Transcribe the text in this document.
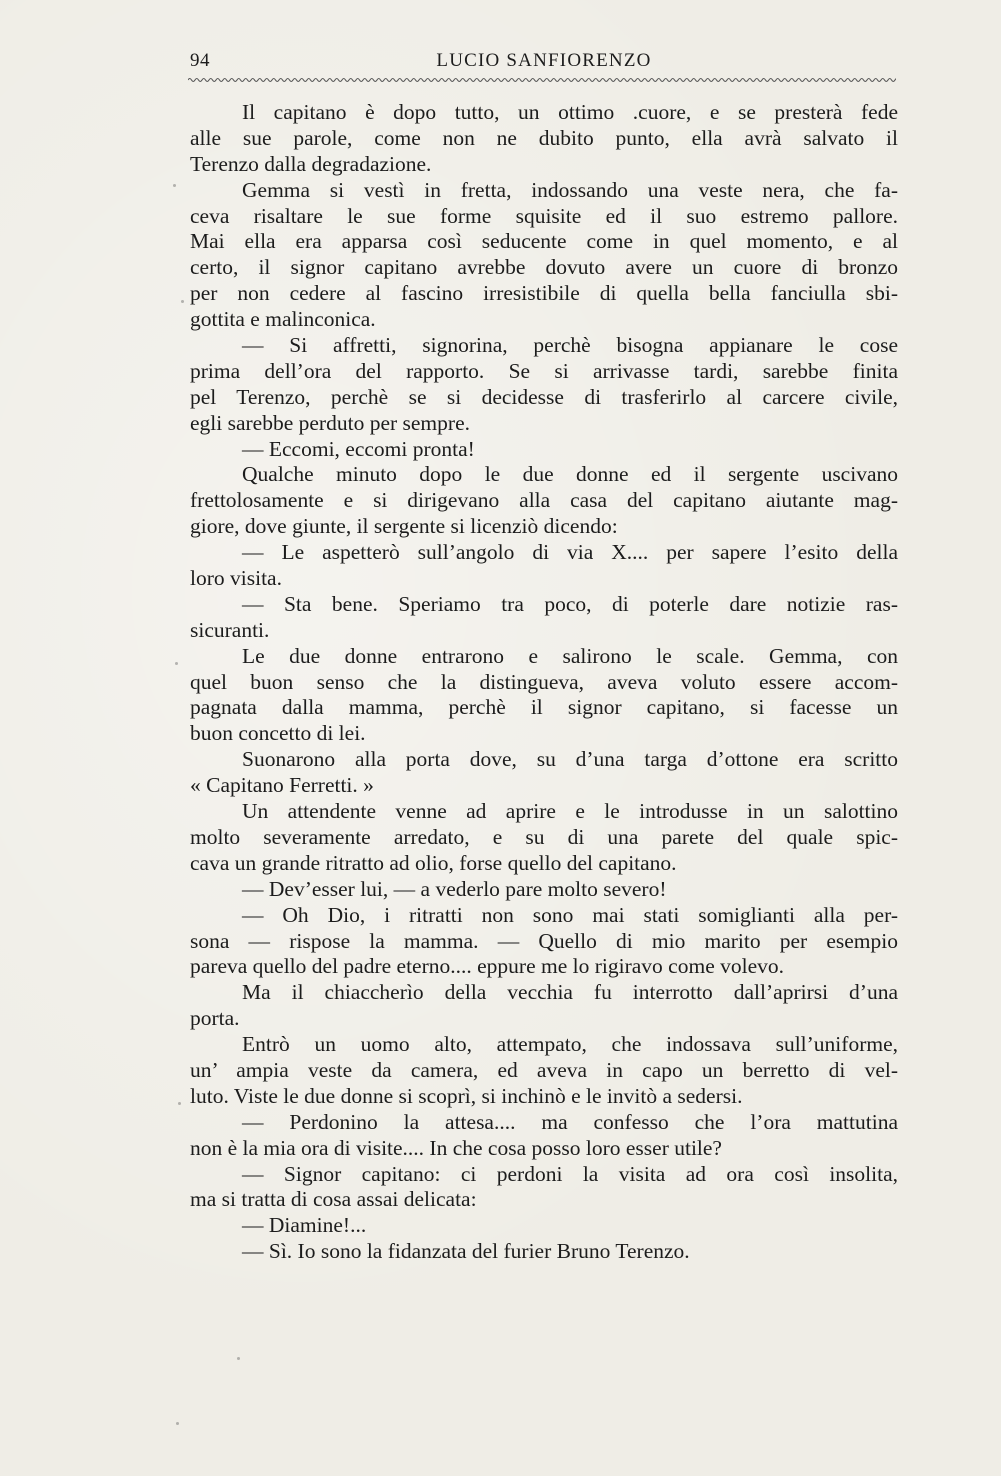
94	LUCIO SANFIORENZO
Il capitano è dopo tutto, un ottimo .cuore, e se presterà fede
alle sue parole, come non ne dubito punto, ella avrà salvato il
Terenzo dalla degradazione.
Gemma si vestì in fretta, indossando una veste nera, che fa-
ceva risaltare le sue forme squisite ed il suo estremo pallore.
Mai ella era apparsa così seducente come in quel momento, e al
certo, il signor capitano avrebbe dovuto avere un cuore di bronzo
per non cedere al fascino irresistibile di quella bella fanciulla sbi-
gottita e malinconica.
— Si affretti, signorina, perchè bisogna appianare le cose
prima dell’ora del rapporto. Se si arrivasse tardi, sarebbe finita
pel Terenzo, perchè se si decidesse di trasferirlo al carcere civile,
egli sarebbe perduto per sempre.
— Eccomi, eccomi pronta!
Qualche minuto dopo le due donne ed il sergente uscivano
frettolosamente e si dirigevano alla casa del capitano aiutante mag-
giore, dove giunte, il sergente si licenziò dicendo:
— Le aspetterò sull’angolo di via X.... per sapere l’esito della
loro visita.
— Sta bene. Speriamo tra poco, di poterle dare notizie ras-
sicuranti.
Le due donne entrarono e salirono le scale. Gemma, con
quel buon senso che la distingueva, aveva voluto essere accom-
pagnata dalla mamma, perchè il signor capitano, si facesse un
buon concetto di lei.
Suonarono alla porta dove, su d’una targa d’ottone era scritto
« Capitano Ferretti. »
Un attendente venne ad aprire e le introdusse in un salottino
molto severamente arredato, e su di una parete del quale spic-
cava un grande ritratto ad olio, forse quello del capitano.
— Dev’esser lui, — a vederlo pare molto severo!
— Oh Dio, i ritratti non sono mai stati somiglianti alla per-
sona — rispose la mamma. — Quello di mio marito per esempio
pareva quello del padre eterno.... eppure me lo rigiravo come volevo.
Ma il chiaccherìo della vecchia fu interrotto dall’aprirsi d’una
porta.
Entrò un uomo alto, attempato, che indossava sull’uniforme,
un’ ampia veste da camera, ed aveva in capo un berretto di vel-
luto. Viste le due donne si scoprì, si inchinò e le invitò a sedersi.
— Perdonino la attesa.... ma confesso che l’ora mattutina
non è la mia ora di visite.... In che cosa posso loro esser utile?
— Signor capitano: ci perdoni la visita ad ora così insolita,
ma si tratta di cosa assai delicata:
— Diamine!...
— Sì. Io sono la fidanzata del furier Bruno Terenzo.
